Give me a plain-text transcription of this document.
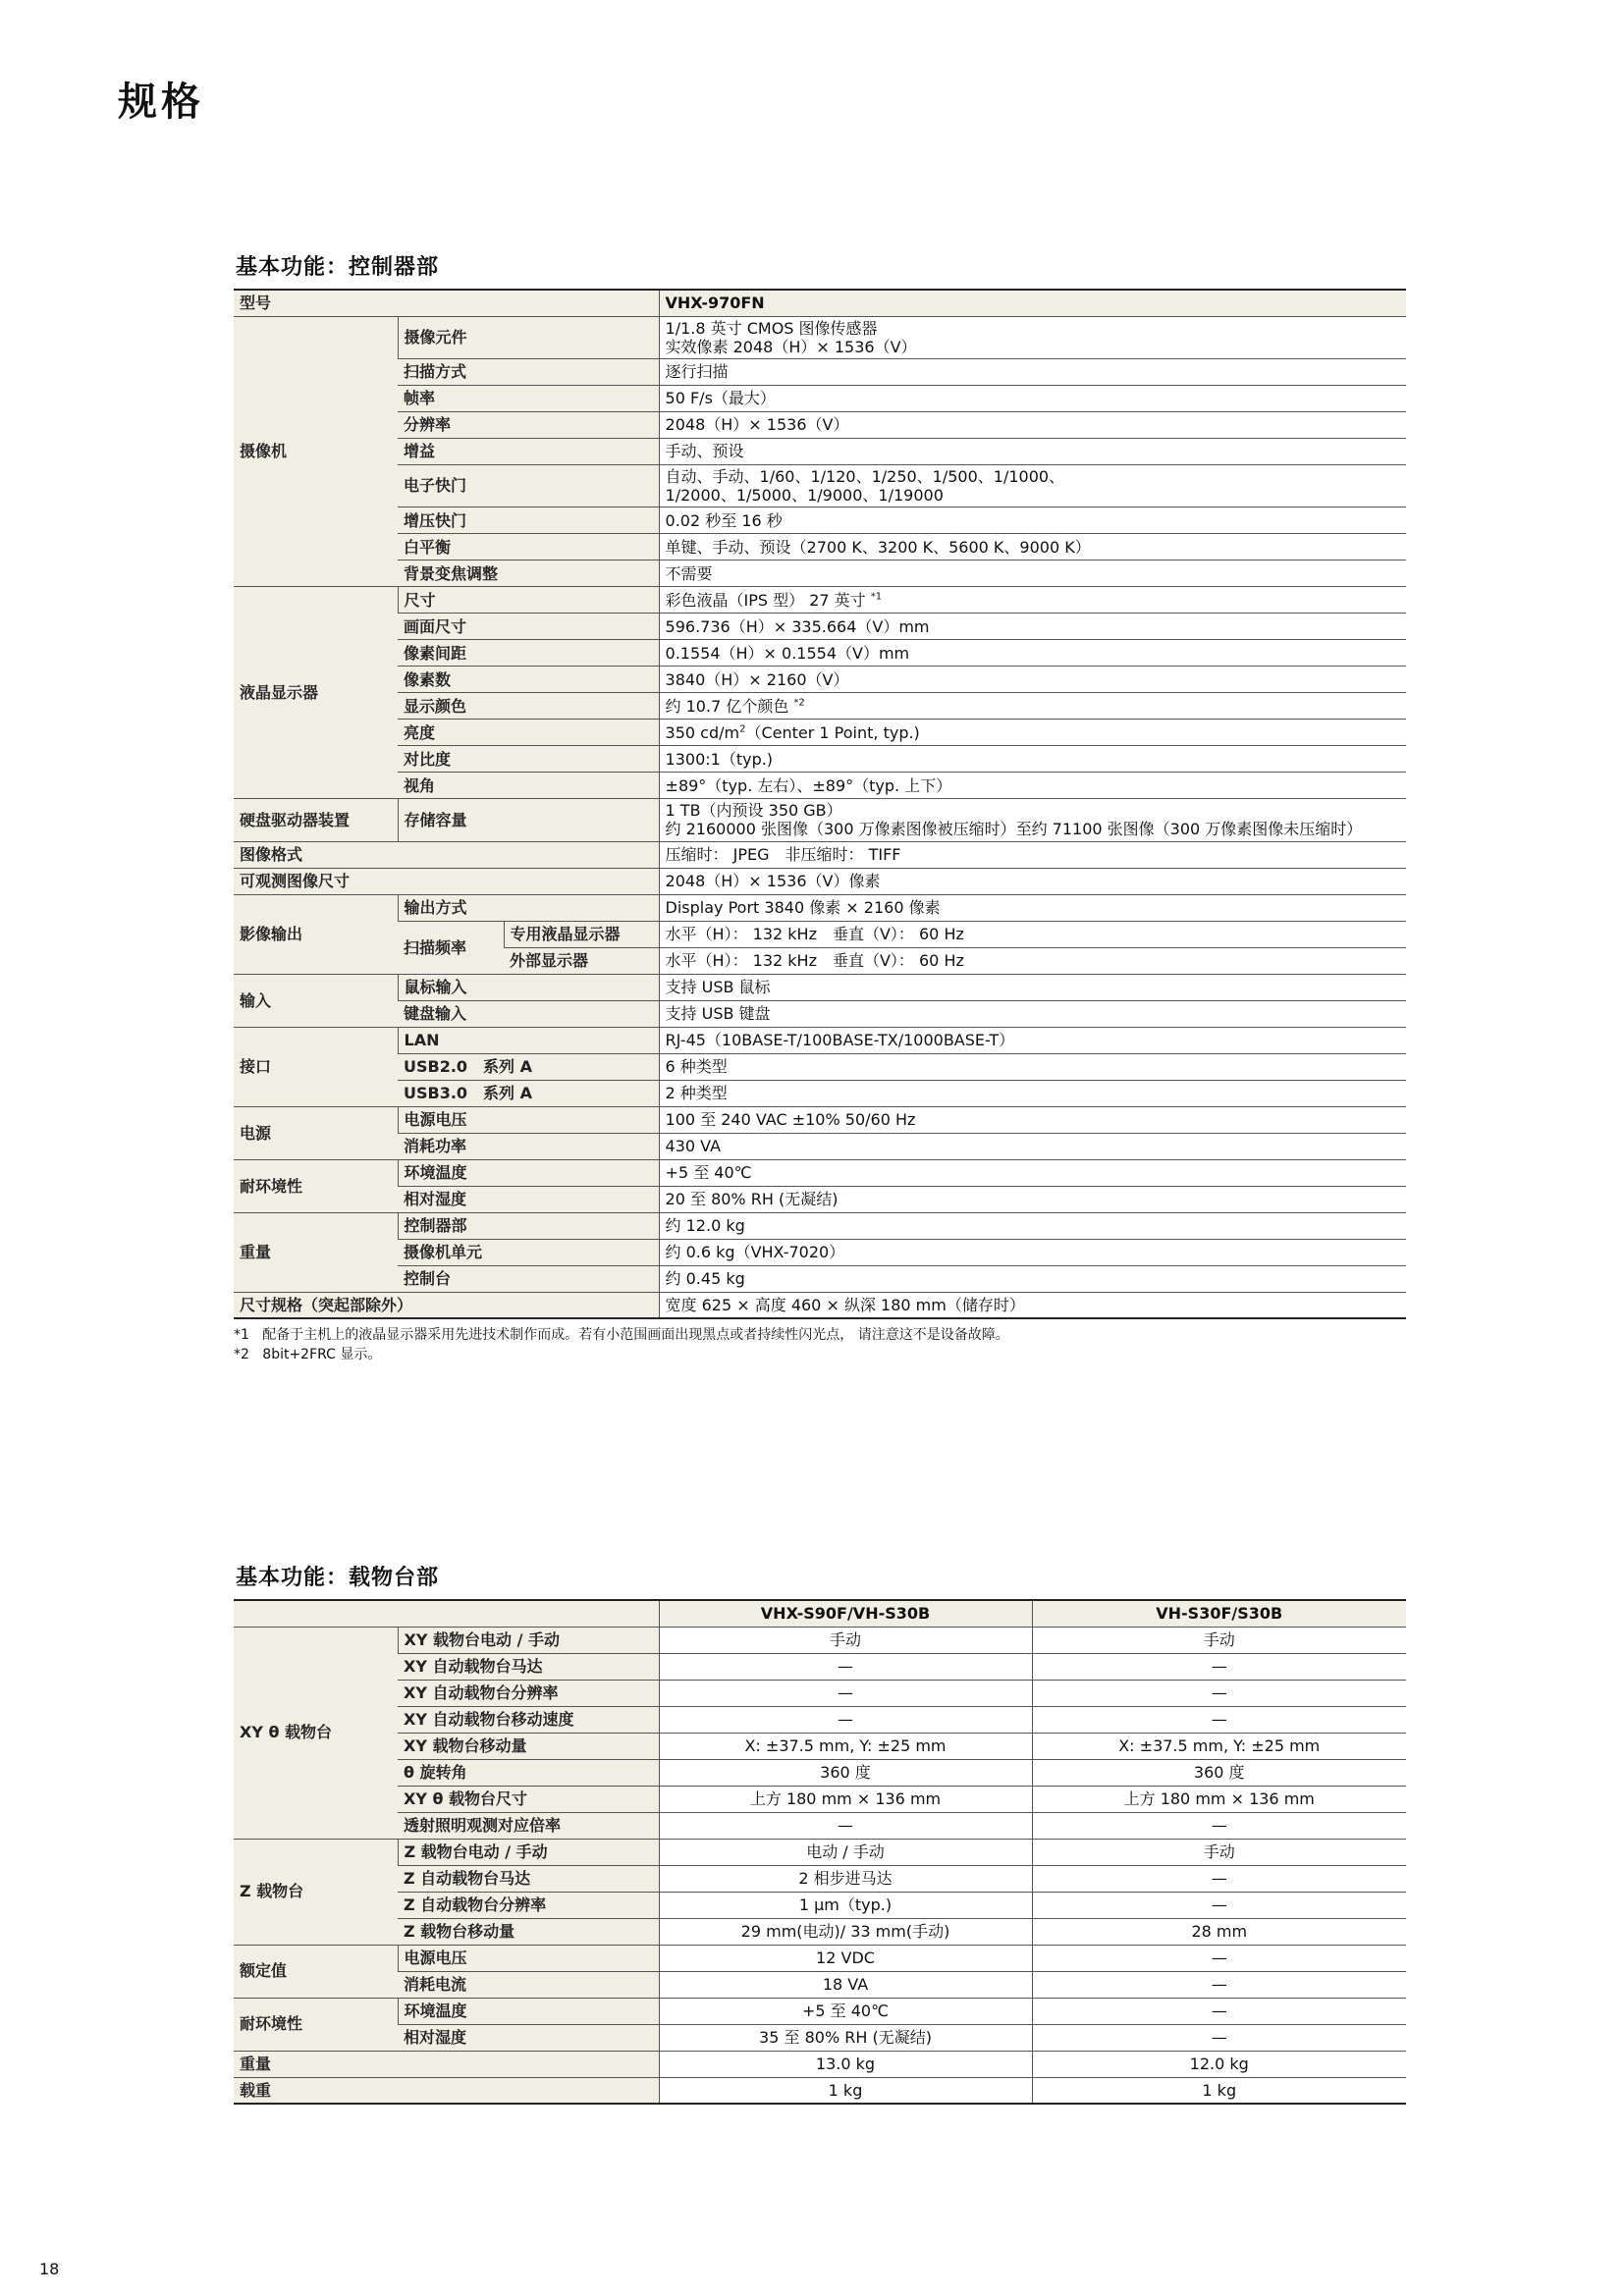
规格
基本功能：控制器部
型号			VHX-970FN
摄像机	摄像元件		1/1.8 英寸 CMOS 图像传感器
实效像素 2048（H）× 1536（V）

	扫描方式		逐行扫描
	帧率		50 F/s（最大）
	分辨率		2048（H）× 1536（V）
	增益		手动、预设
	电子快门		自动、手动、1/60、1/120、1/250、1/500、1/1000、
1/2000、1/5000、1/9000、1/19000

	增压快门		0.02 秒至 16 秒
	白平衡		单键、手动、预设（2700 K、3200 K、5600 K、9000 K）
	背景变焦调整		不需要
液晶显示器	尺寸		彩色液晶（IPS 型） 27 英寸 $^{*1}$
	画面尺寸		596.736（H）× 335.664（V）mm
	像素间距		0.1554（H）× 0.1554（V）mm
	像素数		3840（H）× 2160（V）
	显示颜色		约 10.7 亿个颜色 $^{*2}$
	亮度		350 $cd/m^2(Center$ 1 Point, typ.)
	对比度		1300:1（typ.)
	视角		±89°（typ. 左右）、±89°（typ. 上下）
硬盘驱动器装置	存储容量		1 TB（内预设 350 GB）
约 2160000 张图像（300 万像素图像被压缩时）至约 71100 张图像（300 万像素图像未压缩时）

图像格式			压缩时： JPEG　非压缩时： TIFF
可观测图像尺寸			2048（H）× 1536（V）像素
影像输出	输出方式		Display Port 3840 像素 × 2160 像素
	扫描频率	专用液晶显示器	水平（H）： 132 kHz　垂直（V）： 60 Hz
		外部显示器	水平（H）： 132 kHz　垂直（V）： 60 Hz
输入	鼠标输入		支持 USB 鼠标
	键盘输入		支持 USB 键盘
接口	LAN		RJ-45（10BASE-T/100BASE-TX/1000BASE-T）
	USB2.0　系列 A		6 种类型
	USB3.0　系列 A		2 种类型
电源	电源电压		100 至 240 VAC ±10% 50/60 Hz
	消耗功率		430 VA
耐环境性	环境温度		+5 至 40℃
	相对湿度		20 至 80% RH (无凝结)
重量	控制器部		约 12.0 kg
	摄像机单元		约 0.6 kg（VHX-7020）
	控制台		约 0.45 kg
尺寸规格（突起部除外）			宽度 625 × 高度 460 × 纵深 180 mm（储存时）

*1 配备于主机上的液晶显示器采用先进技术制作而成。若有小范围画面出现黑点或者持续性闪光点， 请注意这不是设备故障。

*2 8bit+2FRC 显示。

基本功能：载物台部
		VHX-S90F/VH-S30B	VH-S30F/S30B
XY θ 载物台	XY 载物台电动 / 手动	手动	手动
	XY 自动载物台马达	—	—
	XY 自动载物台分辨率	—	—
	XY 自动载物台移动速度	—	—
	XY 载物台移动量	X: ±37.5 mm, Y: ±25 mm	X: ±37.5 mm, Y: ±25 mm
	θ 旋转角	360 度	360 度
	XY θ 载物台尺寸	上方 180 mm × 136 mm	上方 180 mm × 136 mm
	透射照明观测对应倍率	—	—
Z 载物台	Z 载物台电动 / 手动	电动 / 手动	手动
	Z 自动载物台马达	2 相步进马达	—
	Z 自动载物台分辨率	1 μm（typ.)	—
	Z 载物台移动量	29 mm(电动)/ 33 mm(手动)	28 mm
额定值	电源电压	12 VDC	—
	消耗电流	18 VA	—
耐环境性	环境温度	+5 至 40℃	—
	相对湿度	35 至 80% RH (无凝结)	—
重量		13.0 kg	12.0 kg
载重		1 kg	1 kg

18
